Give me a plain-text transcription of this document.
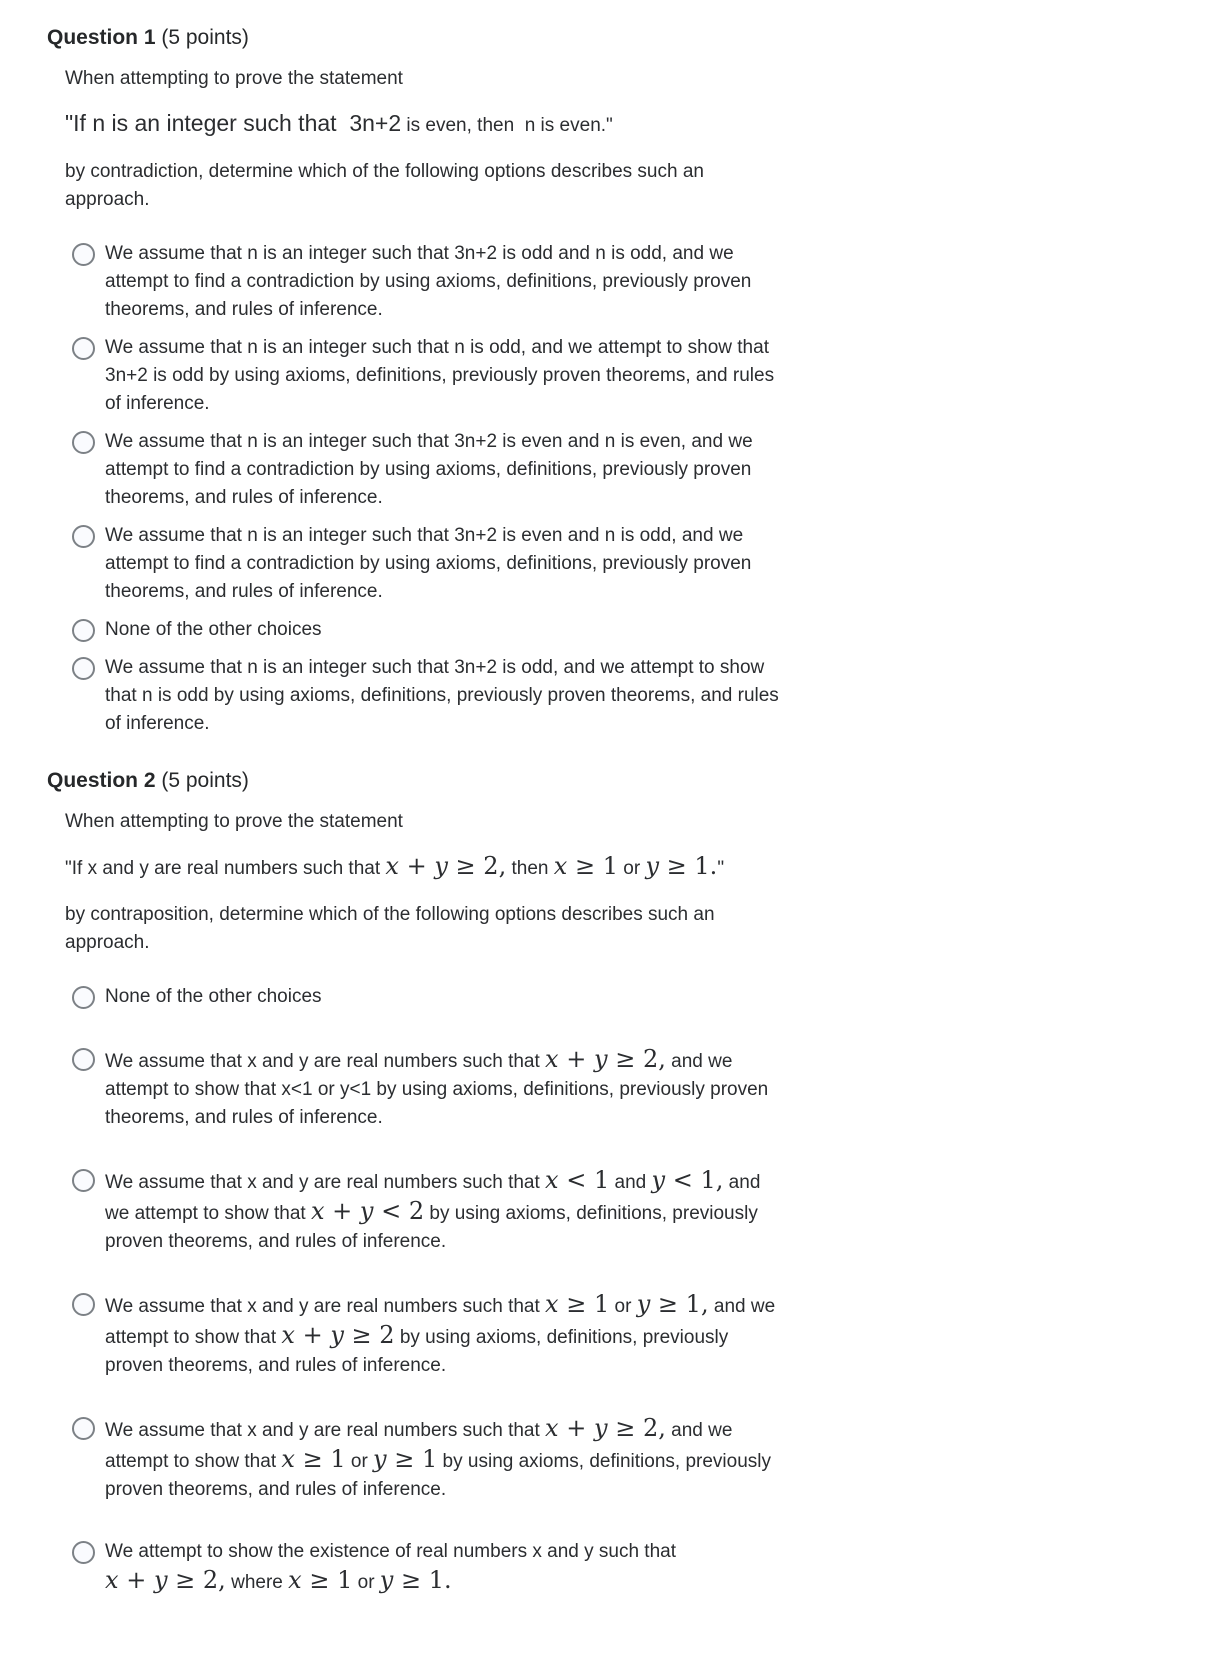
Question 1 (5 points)

When attempting to prove the statement

"If n is an integer such that  3n+2 is even, then  n is even."

by contradiction, determine which of the following options describes such an approach.

We assume that n is an integer such that 3n+2 is odd and n is odd, and we attempt to find a contradiction by using axioms, definitions, previously proven theorems, and rules of inference.
We assume that n is an integer such that n is odd, and we attempt to show that 3n+2 is odd by using axioms, definitions, previously proven theorems, and rules of inference.
We assume that n is an integer such that 3n+2 is even and n is even, and we attempt to find a contradiction by using axioms, definitions, previously proven theorems, and rules of inference.
We assume that n is an integer such that 3n+2 is even and n is odd, and we attempt to find a contradiction by using axioms, definitions, previously proven theorems, and rules of inference.
None of the other choices
We assume that n is an integer such that 3n+2 is odd, and we attempt to show that n is odd by using axioms, definitions, previously proven theorems, and rules of inference.
Question 2 (5 points)

When attempting to prove the statement

"If x and y are real numbers such that x + y ≥ 2, then x ≥ 1 or y ≥ 1."

by contraposition, determine which of the following options describes such an approach.

None of the other choices
We assume that x and y are real numbers such that x + y ≥ 2, and we attempt to show that x<1 or y<1 by using axioms, definitions, previously proven theorems, and rules of inference.
We assume that x and y are real numbers such that x < 1 and y < 1, and we attempt to show that x + y < 2 by using axioms, definitions, previously proven theorems, and rules of inference.
We assume that x and y are real numbers such that x ≥ 1 or y ≥ 1, and we attempt to show that x + y ≥ 2 by using axioms, definitions, previously proven theorems, and rules of inference.
We assume that x and y are real numbers such that x + y ≥ 2, and we attempt to show that x ≥ 1 or y ≥ 1 by using axioms, definitions, previously proven theorems, and rules of inference.
We attempt to show the existence of real numbers x and y such that
x + y ≥ 2, where x ≥ 1 or y ≥ 1.
